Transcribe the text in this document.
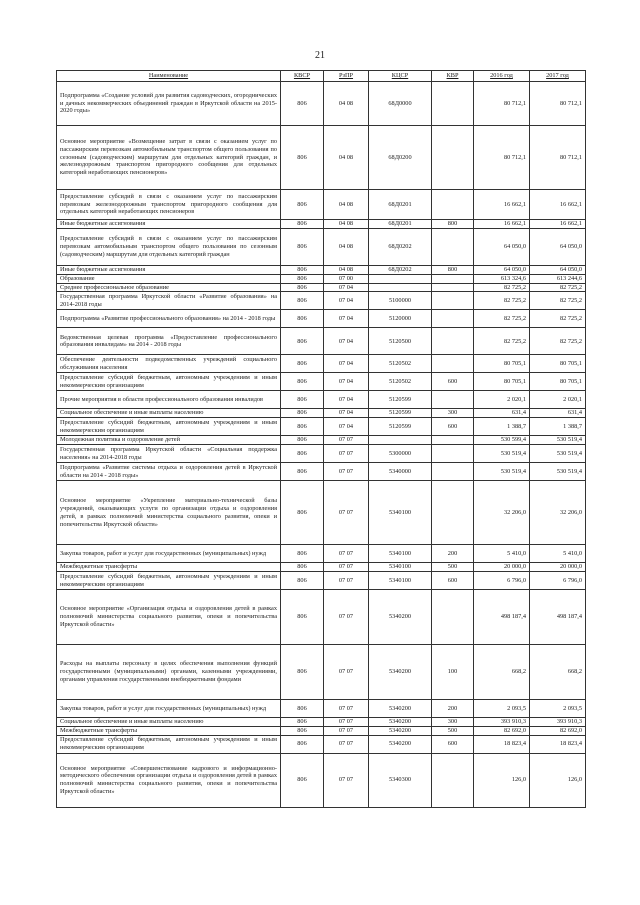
21
Наименование	КВСР	РзПР	КЦСР	КВР	2016 год	2017 год
Подпрограмма «Создание условий для развития садоводческих, огороднических и дачных некоммерческих объединений граждан в Иркутской области на 2015-2020 годы»	806	04 08	68Д0000		80 712,1	80 712,1
Основное мероприятие «Возмещение затрат в связи с оказанием услуг по пассажирским перевозкам автомобильным транспортом общего пользования по сезонным (садоводческим) маршрутам для отдельных категорий граждан, и железнодорожным транспортом пригородного сообщения для отдельных категорий неработающих пенсионеров»	806	04 08	68Д0200		80 712,1	80 712,1
Предоставление субсидий в связи с оказанием услуг по пассажирским перевозкам железнодорожным транспортом пригородного сообщения для отдельных категорий неработающих пенсионеров	806	04 08	68Д0201		16 662,1	16 662,1
Иные бюджетные ассигнования	806	04 08	68Д0201	800	16 662,1	16 662,1
Предоставление субсидий в связи с оказанием услуг по пассажирским перевозкам автомобильным транспортом общего пользования по сезонным (садоводческим) маршрутам для отдельных категорий граждан	806	04 08	68Д0202		64 050,0	64 050,0
Иные бюджетные ассигнования	806	04 08	68Д0202	800	64 050,0	64 050,0
Образование	806	07 00			613 324,6	613 244,6
Среднее профессиональное образование	806	07 04			82 725,2	82 725,2
Государственная программа Иркутской области «Развитие образования» на 2014-2018 годы	806	07 04	5100000		82 725,2	82 725,2
Подпрограмма «Развитие профессионального образования» на 2014 - 2018 годы	806	07 04	5120000		82 725,2	82 725,2
Ведомственная целевая программа «Предоставление профессионального образования инвалидам» на 2014 - 2018 годы	806	07 04	5120500		82 725,2	82 725,2
Обеспечение деятельности подведомственных учреждений социального обслуживания населения	806	07 04	5120502		80 705,1	80 705,1
Предоставление субсидий бюджетным, автономным учреждениям и иным некоммерческим организациям	806	07 04	5120502	600	80 705,1	80 705,1
Прочие мероприятия в области профессионального образования инвалидов	806	07 04	5120599		2 020,1	2 020,1
Социальное обеспечение и иные выплаты населению	806	07 04	5120599	300	631,4	631,4
Предоставление субсидий бюджетным, автономным учреждениям и иным некоммерческим организациям	806	07 04	5120599	600	1 388,7	1 388,7
Молодежная политика и оздоровление детей	806	07 07			530 599,4	530 519,4
Государственная программа Иркутской области «Социальная поддержка населения» на 2014-2018 годы	806	07 07	5300000		530 519,4	530 519,4
Подпрограмма «Развитие системы отдыха и оздоровления детей в Иркутской области на 2014 - 2018 годы»	806	07 07	5340000		530 519,4	530 519,4
Основное мероприятие «Укрепление материально-технической базы учреждений, оказывающих услуги по организации отдыха и оздоровления детей, в рамках полномочий министерства социального развития, опеки и попечительства Иркутской области»	806	07 07	5340100		32 206,0	32 206,0
Закупка товаров, работ и услуг для государственных (муниципальных) нужд	806	07 07	5340100	200	5 410,0	5 410,0
Межбюджетные трансферты	806	07 07	5340100	500	20 000,0	20 000,0
Предоставление субсидий бюджетным, автономным учреждениям и иным некоммерческим организациям	806	07 07	5340100	600	6 796,0	6 796,0
Основное мероприятие «Организация отдыха и оздоровления детей в рамках полномочий министерства социального развития, опеки и попечительства Иркутской области»	806	07 07	5340200		498 187,4	498 187,4
Расходы на выплаты персоналу в целях обеспечения выполнения функций государственными (муниципальными) органами, казенными учреждениями, органами управления государственными внебюджетными фондами	806	07 07	5340200	100	668,2	668,2
Закупка товаров, работ и услуг для государственных (муниципальных) нужд	806	07 07	5340200	200	2 093,5	2 093,5
Социальное обеспечение и иные выплаты населению	806	07 07	5340200	300	393 910,3	393 910,3
Межбюджетные трансферты	806	07 07	5340200	500	82 692,0	82 692,0
Предоставление субсидий бюджетным, автономным учреждениям и иным некоммерческим организациям	806	07 07	5340200	600	18 823,4	18 823,4
Основное мероприятие «Совершенствование кадрового и информационно-методического обеспечения организации отдыха и оздоровления детей в рамках полномочий министерства социального развития, опеки и попечительства Иркутской области»	806	07 07	5340300		126,0	126,0
